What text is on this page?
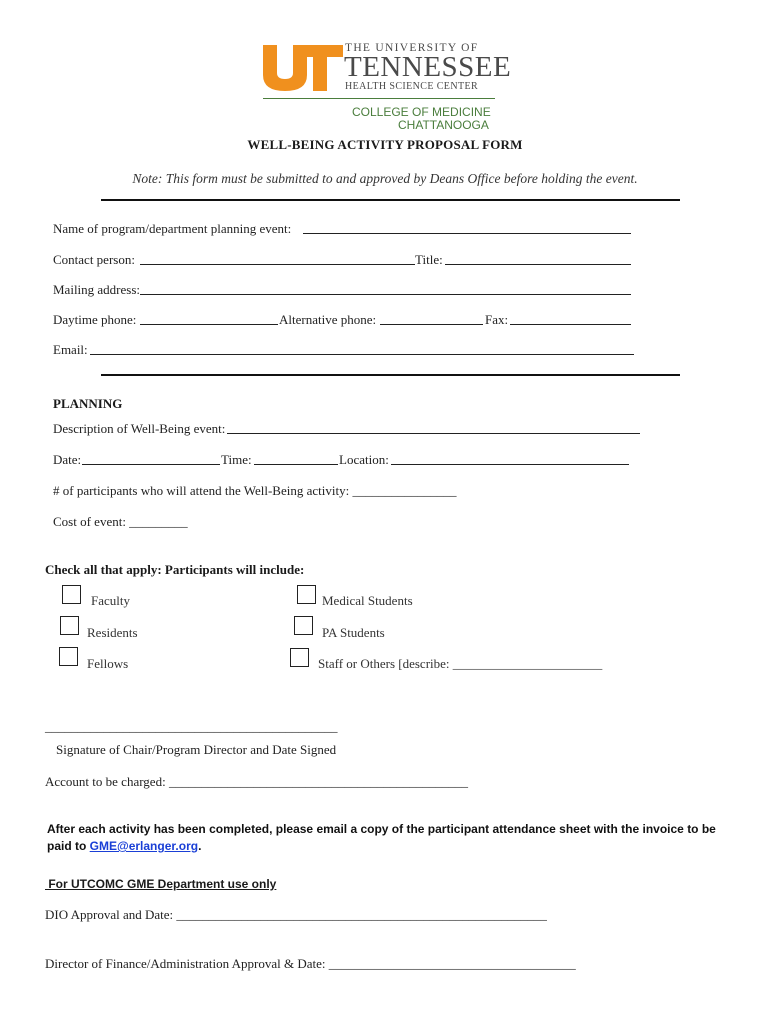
THE UNIVERSITY OF
TENNESSEE
HEALTH SCIENCE CENTER
COLLEGE OF MEDICINE
CHATTANOOGA
WELL-BEING ACTIVITY PROPOSAL FORM
Note: This form must be submitted to and approved by Deans Office before holding the event.
Name of program/department planning event:
Contact person:	Title:
Mailing address:
Daytime phone:	Alternative phone:	Fax:
Email:
PLANNING
Description of Well-Being event:
Date:	Time:	Location:
# of participants who will attend the Well-Being activity: ________________
Cost of event: _________
Check all that apply: Participants will include:
Faculty	Medical Students
Residents	PA Students
Fellows	Staff or Others [describe: _______________________
_____________________________________________
Signature of Chair/Program Director and Date Signed
Account to be charged: ______________________________________________
After each activity has been completed, please email a copy of the participant attendance sheet with the invoice to be paid to GME@erlanger.org.
For UTCOMC GME Department use only
DIO Approval and Date: _________________________________________________________
Director of Finance/Administration Approval & Date: ______________________________________
